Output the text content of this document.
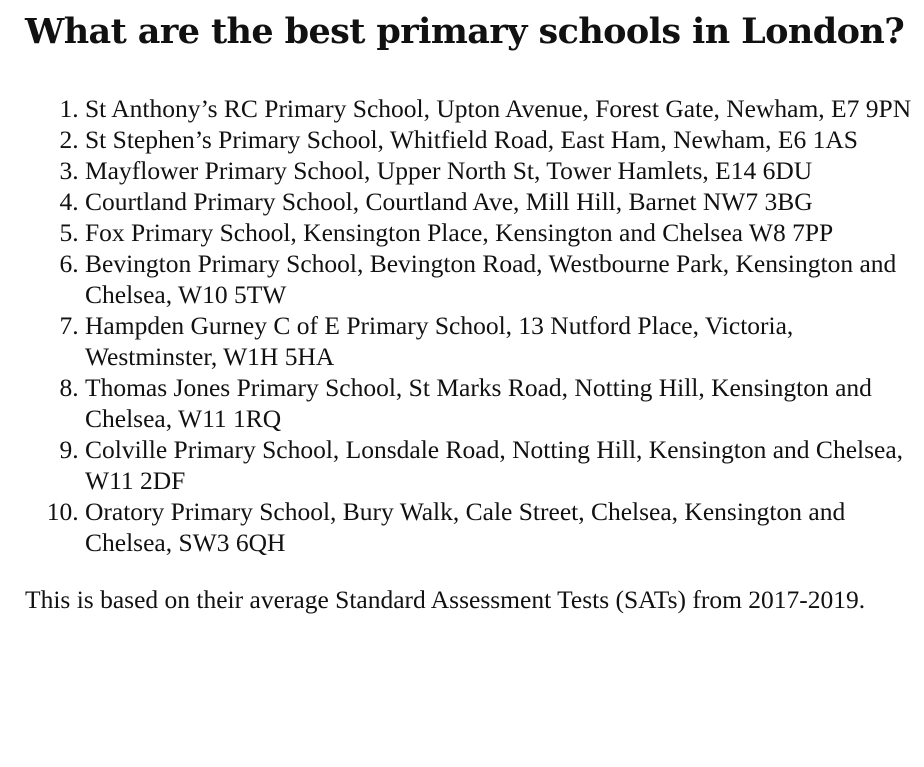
What are the best primary schools in London?
1. St Anthony’s RC Primary School, Upton Avenue, Forest Gate, Newham, E7 9PN
2. St Stephen’s Primary School, Whitfield Road, East Ham, Newham, E6 1AS
3. Mayflower Primary School, Upper North St, Tower Hamlets, E14 6DU
4. Courtland Primary School, Courtland Ave, Mill Hill, Barnet NW7 3BG
5. Fox Primary School, Kensington Place, Kensington and Chelsea W8 7PP
6. Bevington Primary School, Bevington Road, Westbourne Park, Kensington and Chelsea, W10 5TW
7. Hampden Gurney C of E Primary School, 13 Nutford Place, Victoria, Westminster, W1H 5HA
8. Thomas Jones Primary School, St Marks Road, Notting Hill, Kensington and Chelsea, W11 1RQ
9. Colville Primary School, Lonsdale Road, Notting Hill, Kensington and Chelsea, W11 2DF
10. Oratory Primary School, Bury Walk, Cale Street, Chelsea, Kensington and Chelsea, SW3 6QH

This is based on their average Standard Assessment Tests (SATs) from 2017-2019.
